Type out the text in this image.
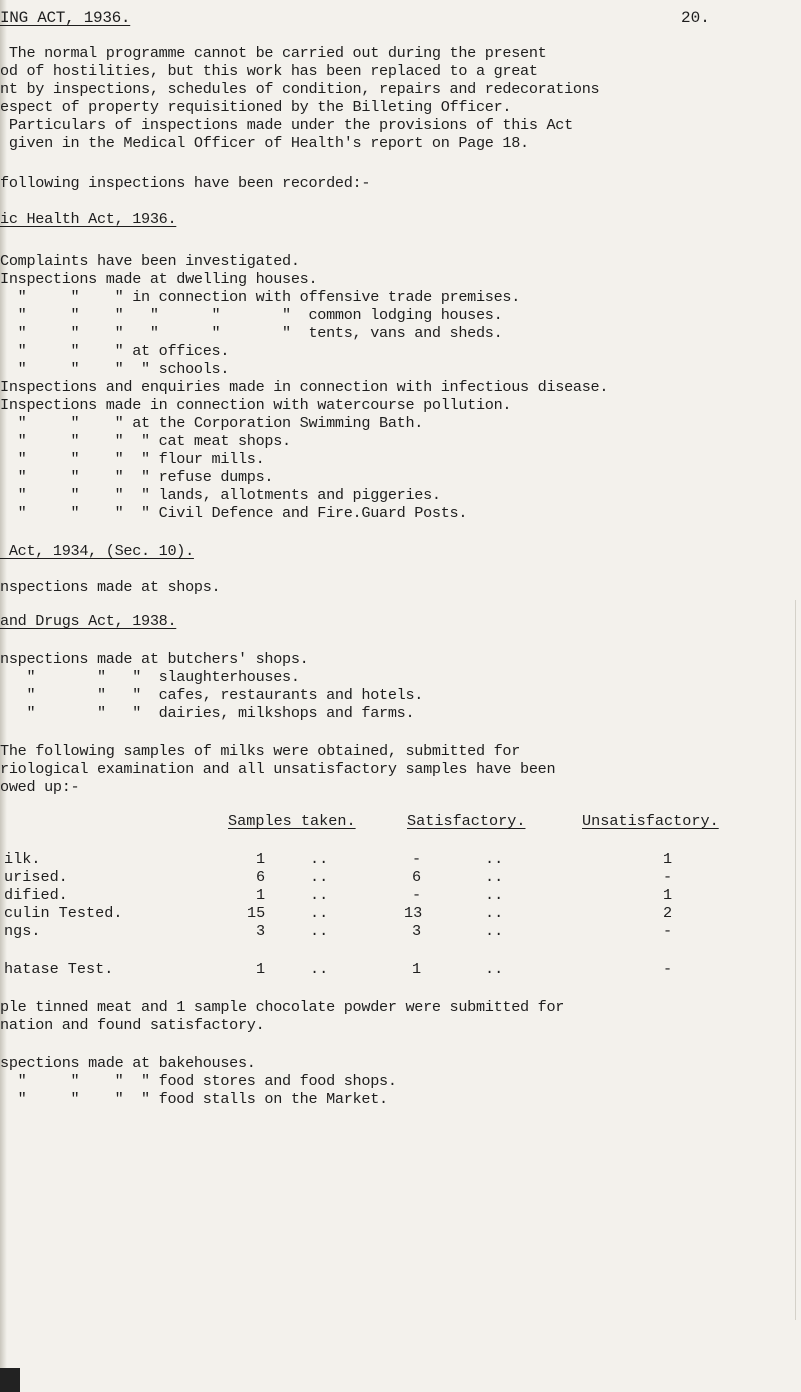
ING ACT, 1936.	20.
The normal programme cannot be carried out during the present
od of hostilities, but this work has been replaced to a great
nt by inspections, schedules of condition, repairs and redecorations
espect of property requisitioned by the Billeting Officer.
Particulars of inspections made under the provisions of this Act
given in the Medical Officer of Health's report on Page 18.
following inspections have been recorded:-
ic Health Act, 1936.
Complaints have been investigated.
Inspections made at dwelling houses.
"     "    " in connection with offensive trade premises.
"     "    "   "      "       "  common lodging houses.
"     "    "   "      "       "  tents, vans and sheds.
"     "    " at offices.
"     "    "  " schools.
Inspections and enquiries made in connection with infectious disease.
Inspections made in connection with watercourse pollution.
"     "    " at the Corporation Swimming Bath.
"     "    "  " cat meat shops.
"     "    "  " flour mills.
"     "    "  " refuse dumps.
"     "    "  " lands, allotments and piggeries.
"     "    "  " Civil Defence and Fire.Guard Posts.
Act, 1934, (Sec. 10).
nspections made at shops.
and Drugs Act, 1938.
nspections made at butchers' shops.
"       "   "  slaughterhouses.
"       "   "  cafes, restaurants and hotels.
"       "   "  dairies, milkshops and farms.
The following samples of milks were obtained, submitted for
riological examination and all unsatisfactory samples have been
owed up:-
Samples taken.	Satisfactory.	Unsatisfactory.
ilk.	1	..	-	..	1
urised.	6	..	6	..	-
dified.	1	..	-	..	1
culin Tested.	15	..	13	..	2
ngs.	3	..	3	..	-
hatase Test.	1	..	1	..	-
ple tinned meat and 1 sample chocolate powder were submitted for
nation and found satisfactory.
spections made at bakehouses.
"     "    "  " food stores and food shops.
"     "    "  " food stalls on the Market.
